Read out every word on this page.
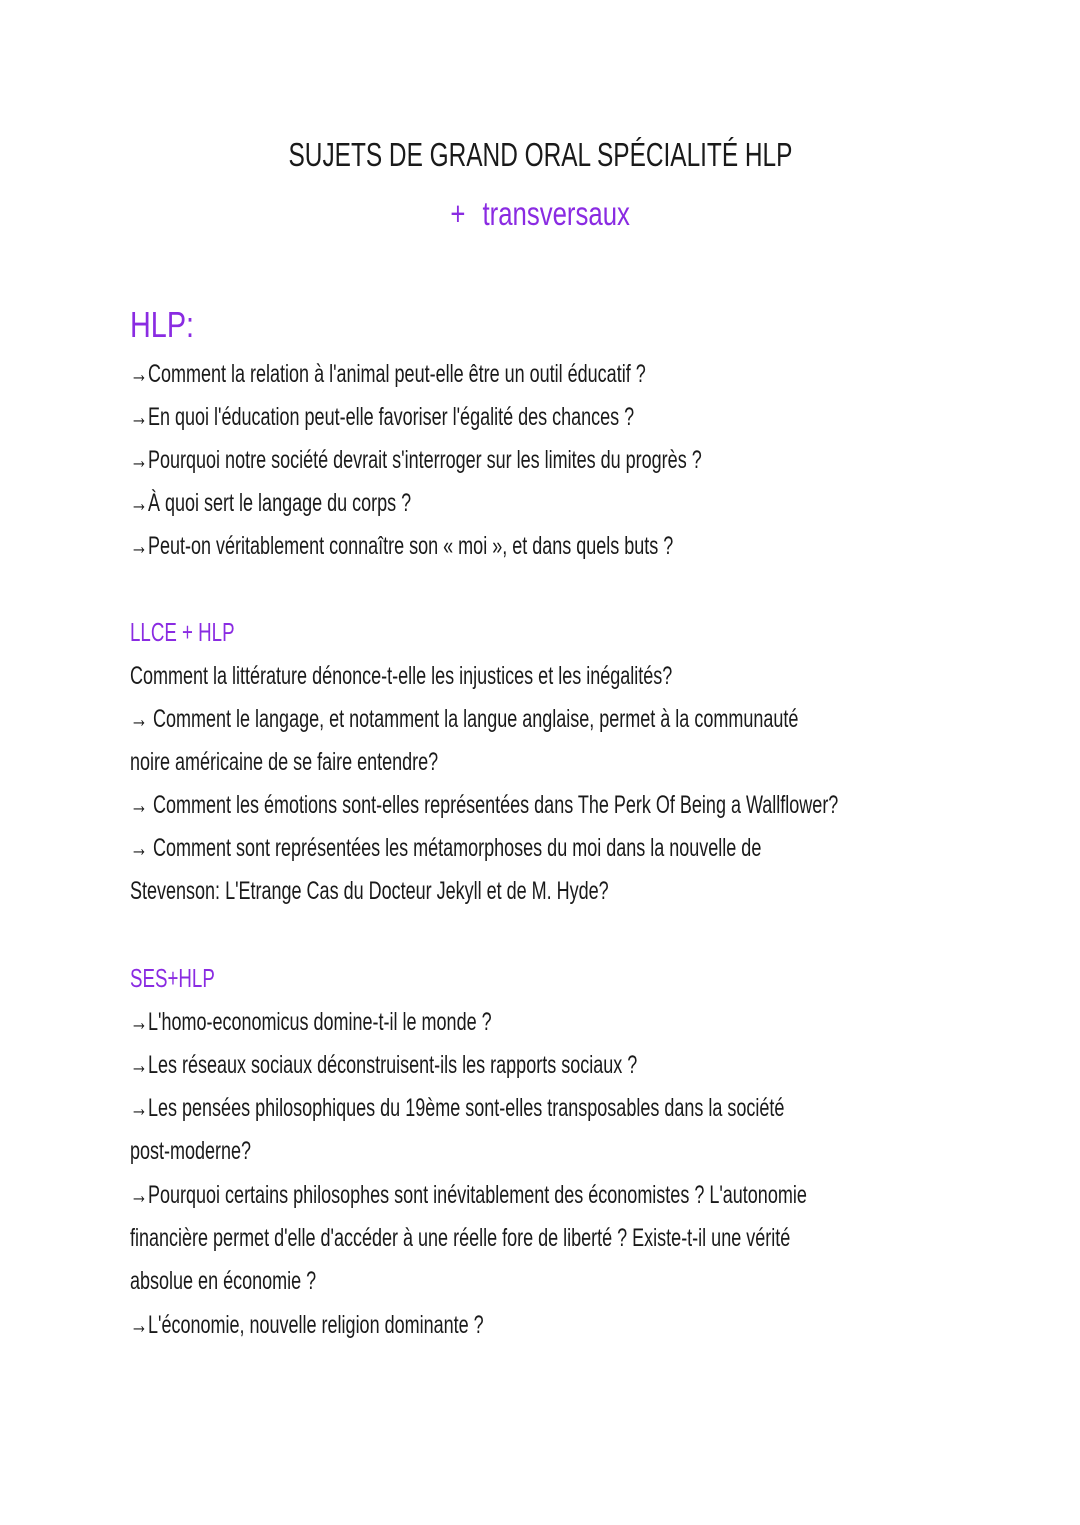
SUJETS DE GRAND ORAL SPÉCIALITÉ HLP
+ transversaux
HLP:
→Comment la relation à l'animal peut-elle être un outil éducatif ?
→En quoi l'éducation peut-elle favoriser l'égalité des chances ?
→Pourquoi notre société devrait s'interroger sur les limites du progrès ?
→À quoi sert le langage du corps ?
→Peut-on véritablement connaître son « moi », et dans quels buts ?
LLCE + HLP
Comment la littérature dénonce-t-elle les injustices et les inégalités?
→ Comment le langage, et notamment la langue anglaise, permet à la communauté
noire américaine de se faire entendre?
→ Comment les émotions sont-elles représentées dans The Perk Of Being a Wallflower?
→ Comment sont représentées les métamorphoses du moi dans la nouvelle de
Stevenson: L'Etrange Cas du Docteur Jekyll et de M. Hyde?
SES+HLP
→L'homo-economicus domine-t-il le monde ?
→Les réseaux sociaux déconstruisent-ils les rapports sociaux ?
→Les pensées philosophiques du 19ème sont-elles transposables dans la société
post-moderne?
→Pourquoi certains philosophes sont inévitablement des économistes ? L'autonomie
financière permet d'elle d'accéder à une réelle fore de liberté ? Existe-t-il une vérité
absolue en économie ?
→L'économie, nouvelle religion dominante ?
